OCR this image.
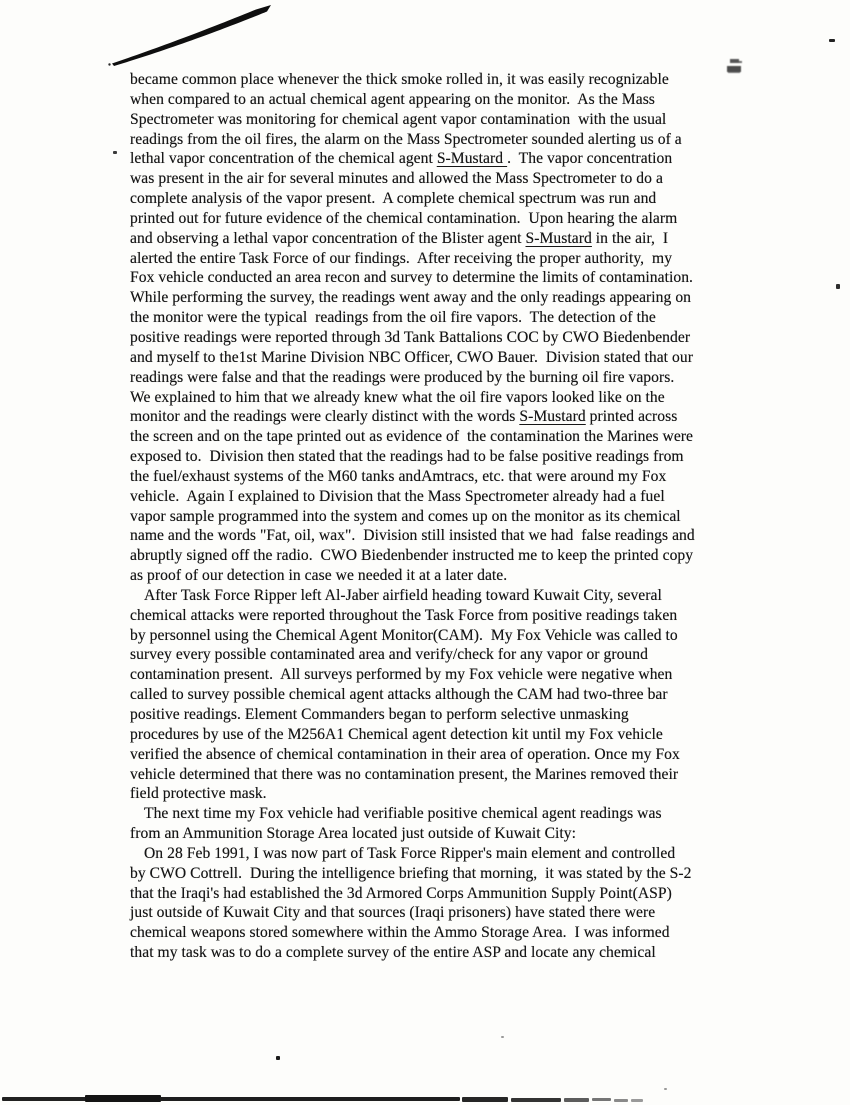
became common place whenever the thick smoke rolled in, it was easily recognizable
when compared to an actual chemical agent appearing on the monitor.  As the Mass
Spectrometer was monitoring for chemical agent vapor contamination  with the usual
readings from the oil fires, the alarm on the Mass Spectrometer sounded alerting us of a
lethal vapor concentration of the chemical agent S-Mustard .  The vapor concentration
was present in the air for several minutes and allowed the Mass Spectrometer to do a
complete analysis of the vapor present.  A complete chemical spectrum was run and
printed out for future evidence of the chemical contamination.  Upon hearing the alarm
and observing a lethal vapor concentration of the Blister agent S-Mustard in the air,  I
alerted the entire Task Force of our findings.  After receiving the proper authority,  my
Fox vehicle conducted an area recon and survey to determine the limits of contamination.
While performing the survey, the readings went away and the only readings appearing on
the monitor were the typical  readings from the oil fire vapors.  The detection of the
positive readings were reported through 3d Tank Battalions COC by CWO Biedenbender
and myself to the1st Marine Division NBC Officer, CWO Bauer.  Division stated that our
readings were false and that the readings were produced by the burning oil fire vapors.
We explained to him that we already knew what the oil fire vapors looked like on the
monitor and the readings were clearly distinct with the words S-Mustard printed across
the screen and on the tape printed out as evidence of  the contamination the Marines were
exposed to.  Division then stated that the readings had to be false positive readings from
the fuel/exhaust systems of the M60 tanks andAmtracs, etc. that were around my Fox
vehicle.  Again I explained to Division that the Mass Spectrometer already had a fuel
vapor sample programmed into the system and comes up on the monitor as its chemical
name and the words "Fat, oil, wax".  Division still insisted that we had  false readings and
abruptly signed off the radio.  CWO Biedenbender instructed me to keep the printed copy
as proof of our detection in case we needed it at a later date.
After Task Force Ripper left Al-Jaber airfield heading toward Kuwait City, several
chemical attacks were reported throughout the Task Force from positive readings taken
by personnel using the Chemical Agent Monitor(CAM).  My Fox Vehicle was called to
survey every possible contaminated area and verify/check for any vapor or ground
contamination present.  All surveys performed by my Fox vehicle were negative when
called to survey possible chemical agent attacks although the CAM had two-three bar
positive readings. Element Commanders began to perform selective unmasking
procedures by use of the M256A1 Chemical agent detection kit until my Fox vehicle
verified the absence of chemical contamination in their area of operation. Once my Fox
vehicle determined that there was no contamination present, the Marines removed their
field protective mask.
The next time my Fox vehicle had verifiable positive chemical agent readings was
from an Ammunition Storage Area located just outside of Kuwait City:
On 28 Feb 1991, I was now part of Task Force Ripper's main element and controlled
by CWO Cottrell.  During the intelligence briefing that morning,  it was stated by the S-2
that the Iraqi's had established the 3d Armored Corps Ammunition Supply Point(ASP)
just outside of Kuwait City and that sources (Iraqi prisoners) have stated there were
chemical weapons stored somewhere within the Ammo Storage Area.  I was informed
that my task was to do a complete survey of the entire ASP and locate any chemical
